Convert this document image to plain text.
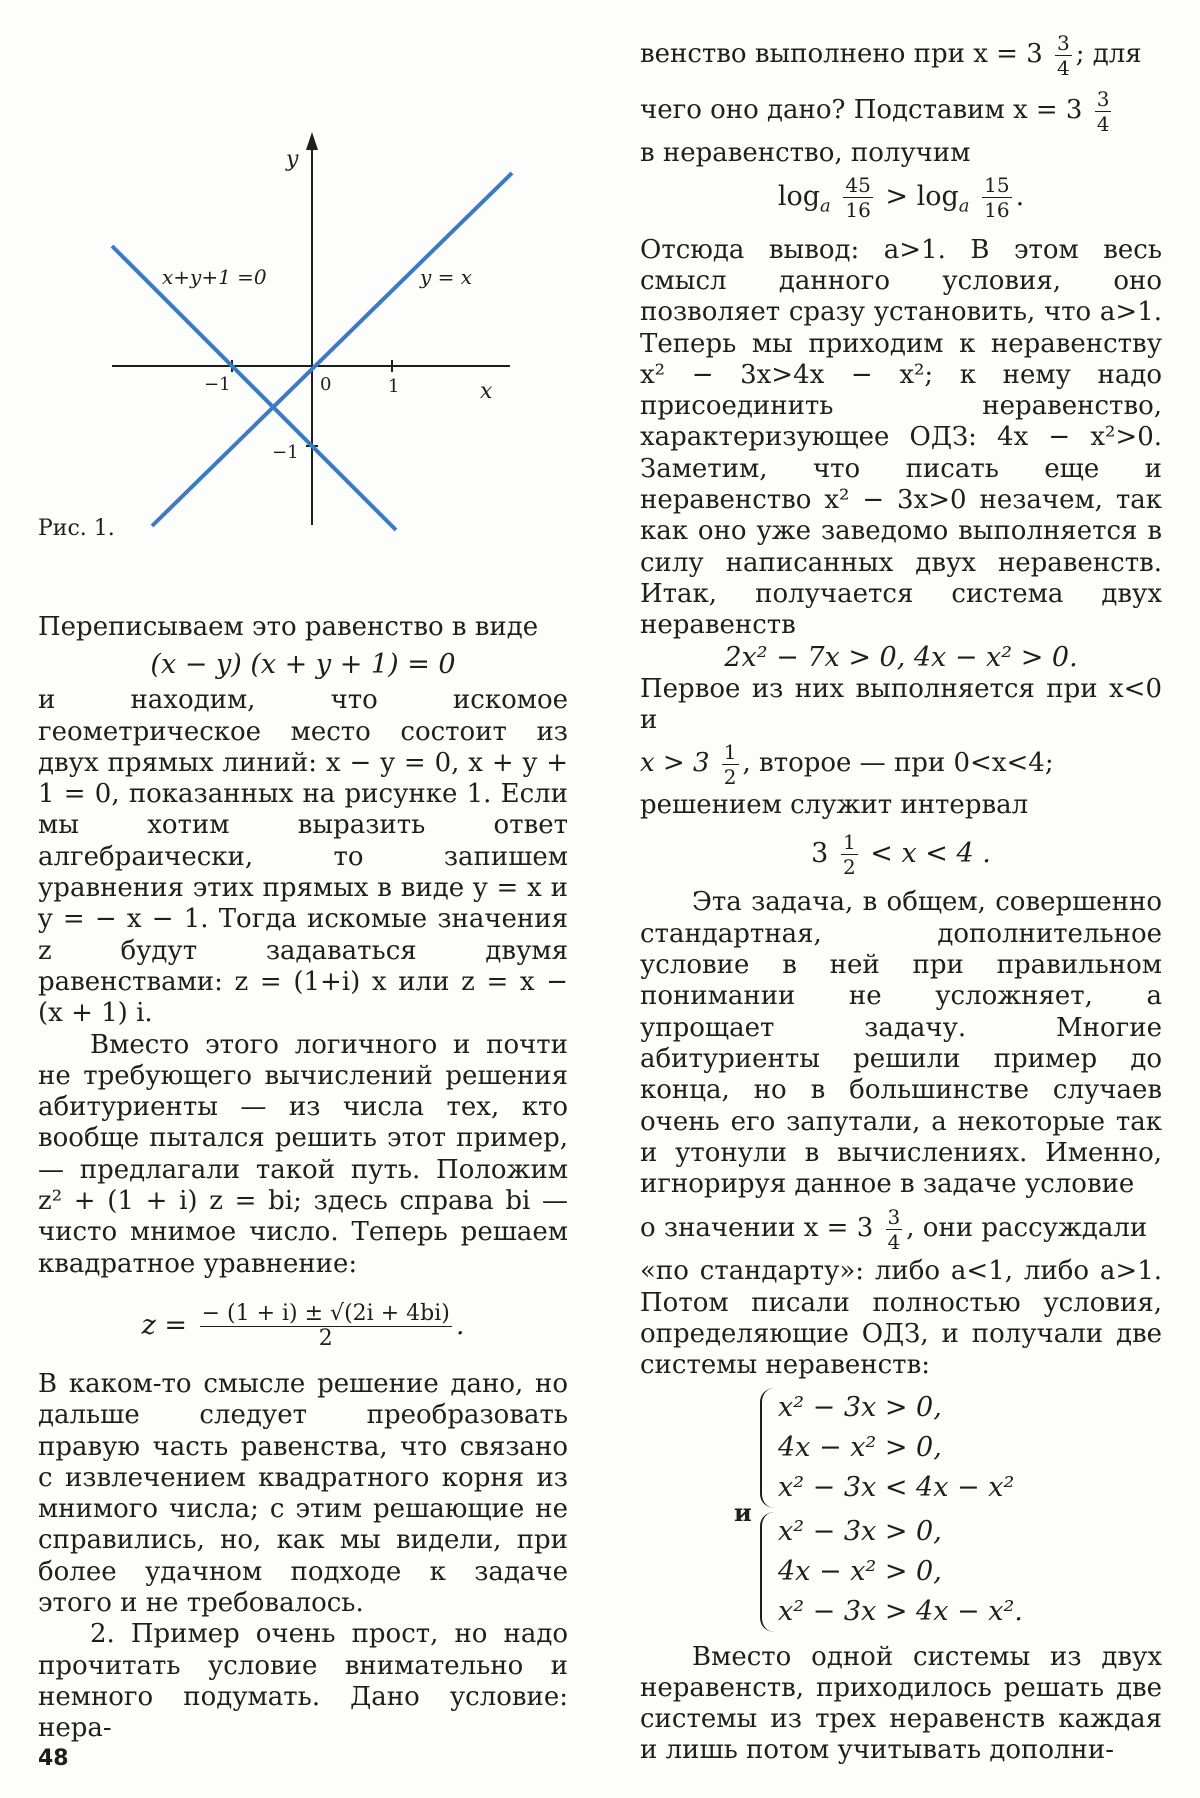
y
x
−1	0	1
−1
x+y+1 =0	y = x
Рис. 1.

Переписываем это равенство в виде

(x − y) (x + y + 1) = 0

и находим, что искомое геометрическое место состоит из двух прямых линий: x − y = 0, x + y + 1 = 0, показанных на рисунке 1. Если мы хотим выразить ответ алгебраически, то запишем уравнения этих прямых в виде y = x и y = − x − 1. Тогда искомые значения z будут задаваться двумя равенствами: z = (1+i) x или z = x − (x + 1) i.

Вместо этого логичного и почти не требующего вычислений решения абитуриенты — из числа тех, кто вообще пытался решить этот пример,— предлагали такой путь. Положим z² + (1 + i) z = bi; здесь справа bi — чисто мнимое число. Теперь решаем квадратное уравнение:

$z = \frac{- (1 + i) \pm √(2i + 4bi)}{2}$ .

В каком-то смысле решение дано, но дальше следует преобразовать правую часть равенства, что связано с извлечением квадратного корня из мнимого числа; с этим решающие не справились, но, как мы видели, при более удачном подходе к задаче этого и не требовалось.

2. Пример очень прост, но надо прочитать условие внимательно и немного подумать. Дано условие: нера-

венство выполнено при $x = 3 \frac{3}{4}$ ; для
чего оно дано? Подставим $x = 3 \frac{3}{4}$

в неравенство, получим

$\log_a \frac{45}{16} > \log_a \frac{15}{16}$ .

Отсюда вывод: a>1. В этом весь смысл данного условия, оно позволяет сразу установить, что a>1. Теперь мы приходим к неравенству x² − 3x>4x − x²; к нему надо присоединить неравенство, характеризующее ОДЗ: 4x − x²>0. Заметим, что писать еще и неравенство x² − 3x>0 незачем, так как оно уже заведомо выполняется в силу написанных двух неравенств. Итак, получается система двух неравенств

2x² − 7x > 0, 4x − x² > 0.

Первое из них выполняется при x<0 и

$x > 3 \frac{1}{2}$ , второе — при 0<x<4;

решением служит интервал

$3 \frac{1}{2} < x < 4$ .

Эта задача, в общем, совершенно стандартная, дополнительное условие в ней при правильном понимании не усложняет, а упрощает задачу. Многие абитуриенты решили пример до конца, но в большинстве случаев очень его запутали, а некоторые так и утонули в вычислениях. Именно, игнорируя данное в задаче условие

о значении $x = 3 \frac{3}{4}$ , они рассуждали

«по стандарту»: либо a<1, либо a>1. Потом писали полностью условия, определяющие ОДЗ, и получали две системы неравенств:

x² − 3x > 0,
4x − x² > 0,
x² − 3x < 4x − x²

и
x² − 3x > 0,
4x − x² > 0,
x² − 3x > 4x − x².

Вместо одной системы из двух неравенств, приходилось решать две системы из трех неравенств каждая и лишь потом учитывать дополни-

48
